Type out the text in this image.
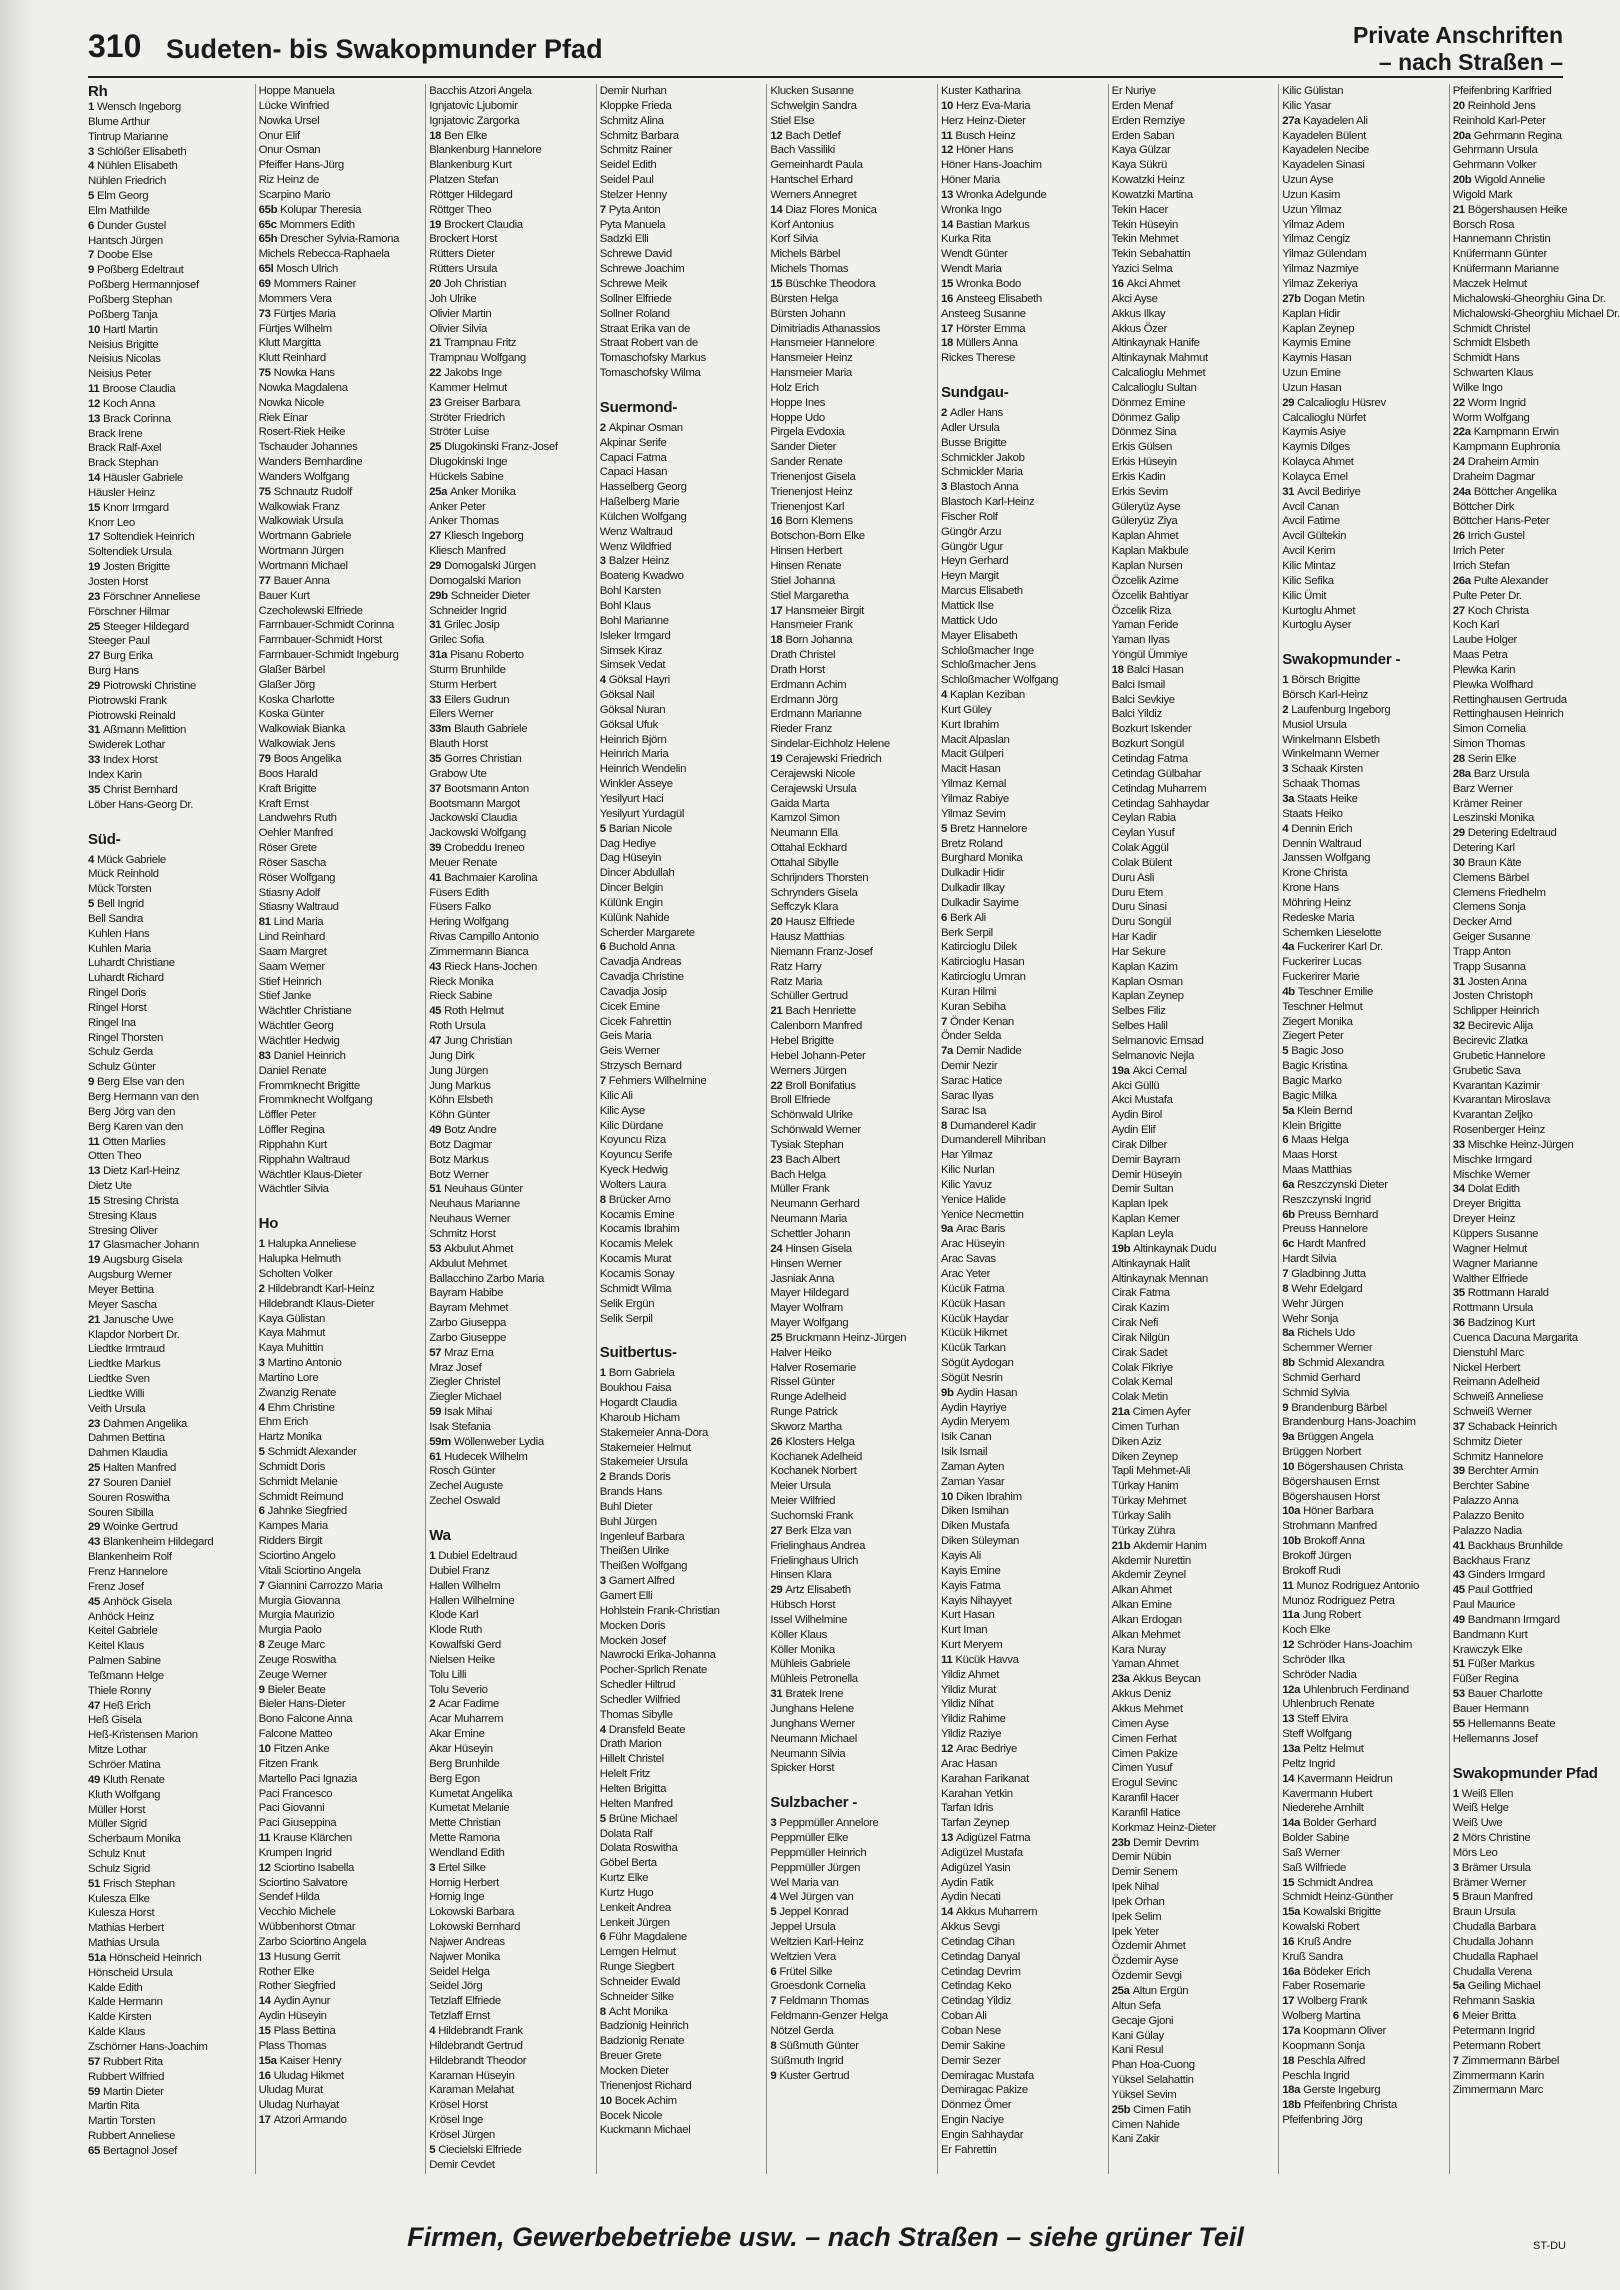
310 Sudeten- bis Swakopmunder Pfad	Private Anschriften
– nach Straßen –
Rh
1 Wensch Ingeborg
Blume Arthur
Tintrup Marianne
3 Schlößer Elisabeth
4 Nühlen Elisabeth
Nühlen Friedrich
5 Elm Georg
Elm Mathilde
6 Dunder Gustel
Hantsch Jürgen
7 Doobe Else
9 Poßberg Edeltraut
Poßberg Hermannjosef
Poßberg Stephan
Poßberg Tanja
10 Hartl Martin
Neisius Brigitte
Neisius Nicolas
Neisius Peter
11 Broose Claudia
12 Koch Anna
13 Brack Corinna
Brack Irene
Brack Ralf-Axel
Brack Stephan
14 Häusler Gabriele
Häusler Heinz
15 Knorr Irmgard
Knorr Leo
17 Soltendiek Heinrich
Soltendiek Ursula
19 Josten Brigitte
Josten Horst
23 Förschner Anneliese
Förschner Hilmar
25 Steeger Hildegard
Steeger Paul
27 Burg Erika
Burg Hans
29 Piotrowski Christine
Piotrowski Frank
Piotrowski Reinald
31 Aßmann Melittion
Swiderek Lothar
33 Index Horst
Index Karin
35 Christ Bernhard
Löber Hans-Georg Dr.
Süd-
4 Mück Gabriele
Mück Reinhold
Mück Torsten
5 Bell Ingrid
Bell Sandra
Kuhlen Hans
Kuhlen Maria
Luhardt Christiane
Luhardt Richard
Ringel Doris
Ringel Horst
Ringel Ina
Ringel Thorsten
Schulz Gerda
Schulz Günter
9 Berg Else van den
Berg Hermann van den
Berg Jörg van den
Berg Karen van den
11 Otten Marlies
Otten Theo
13 Dietz Karl-Heinz
Dietz Ute
15 Stresing Christa
Stresing Klaus
Stresing Oliver
17 Glasmacher Johann
19 Augsburg Gisela
Augsburg Werner
Meyer Bettina
Meyer Sascha
21 Janusche Uwe
Klapdor Norbert Dr.
Liedtke Irmtraud
Liedtke Markus
Liedtke Sven
Liedtke Willi
Veith Ursula
23 Dahmen Angelika
Dahmen Bettina
Dahmen Klaudia
25 Halten Manfred
27 Souren Daniel
Souren Roswitha
Souren Sibilla
29 Woinke Gertrud
43 Blankenheim Hildegard
Blankenheim Rolf
Frenz Hannelore
Frenz Josef
45 Anhöck Gisela
Anhöck Heinz
Keitel Gabriele
Keitel Klaus
Palmen Sabine
Teßmann Helge
Thiele Ronny
47 Heß Erich
Heß Gisela
Heß-Kristensen Marion
Mitze Lothar
Schröer Matina
49 Kluth Renate
Kluth Wolfgang
Müller Horst
Müller Sigrid
Scherbaum Monika
Schulz Knut
Schulz Sigrid
51 Frisch Stephan
Kulesza Elke
Kulesza Horst
Mathias Herbert
Mathias Ursula
51a Hönscheid Heinrich
Hönscheid Ursula
Kalde Edith
Kalde Hermann
Kalde Kirsten
Kalde Klaus
Zschörner Hans-Joachim
57 Rubbert Rita
Rubbert Wilfried
59 Martin Dieter
Martin Rita
Martin Torsten
Rubbert Anneliese
65 Bertagnol Josef
Hoppe Manuela
Lücke Winfried
Nowka Ursel
Onur Elif
Onur Osman
Pfeiffer Hans-Jürg
Riz Heinz de
Scarpino Mario
65b Kolupar Theresia
65c Mommers Edith
65h Drescher Sylvia-Ramona
Michels Rebecca-Raphaela
65l Mosch Ulrich
69 Mommers Rainer
Mommers Vera
73 Fürtjes Maria
Fürtjes Wilhelm
Klutt Margitta
Klutt Reinhard
75 Nowka Hans
Nowka Magdalena
Nowka Nicole
Riek Einar
Rosert-Riek Heike
Tschauder Johannes
Wanders Bernhardine
Wanders Wolfgang
75 Schnautz Rudolf
Walkowiak Franz
Walkowiak Ursula
Wortmann Gabriele
Wortmann Jürgen
Wortmann Michael
77 Bauer Anna
Bauer Kurt
Czecholewski Elfriede
Farrnbauer-Schmidt Corinna
Farrnbauer-Schmidt Horst
Farrnbauer-Schmidt Ingeburg
Glaßer Bärbel
Glaßer Jörg
Koska Charlotte
Koska Günter
Walkowiak Bianka
Walkowiak Jens
79 Boos Angelika
Boos Harald
Kraft Brigitte
Kraft Ernst
Landwehrs Ruth
Oehler Manfred
Röser Grete
Röser Sascha
Röser Wolfgang
Stiasny Adolf
Stiasny Waltraud
81 Lind Maria
Lind Reinhard
Saam Margret
Saam Werner
Stief Heinrich
Stief Janke
Wächtler Christiane
Wächtler Georg
Wächtler Hedwig
83 Daniel Heinrich
Daniel Renate
Frommknecht Brigitte
Frommknecht Wolfgang
Löffler Peter
Löffler Regina
Ripphahn Kurt
Ripphahn Waltraud
Wächtler Klaus-Dieter
Wächtler Silvia
Ho
1 Halupka Anneliese
Halupka Helmuth
Scholten Volker
2 Hildebrandt Karl-Heinz
Hildebrandt Klaus-Dieter
Kaya Gülistan
Kaya Mahmut
Kaya Muhittin
3 Martino Antonio
Martino Lore
Zwanzig Renate
4 Ehm Christine
Ehm Erich
Hartz Monika
5 Schmidt Alexander
Schmidt Doris
Schmidt Melanie
Schmidt Reimund
6 Jahnke Siegfried
Kampes Maria
Ridders Birgit
Sciortino Angelo
Vitali Sciortino Angela
7 Giannini Carrozzo Maria
Murgia Giovanna
Murgia Maurizio
Murgia Paolo
8 Zeuge Marc
Zeuge Roswitha
Zeuge Werner
9 Bieler Beate
Bieler Hans-Dieter
Bono Falcone Anna
Falcone Matteo
10 Fitzen Anke
Fitzen Frank
Martello Paci Ignazia
Paci Francesco
Paci Giovanni
Paci Giuseppina
11 Krause Klärchen
Krumpen Ingrid
12 Sciortino Isabella
Sciortino Salvatore
Sendef Hilda
Vecchio Michele
Wübbenhorst Otmar
Zarbo Sciortino Angela
13 Husung Gerrit
Rother Elke
Rother Siegfried
14 Aydin Aynur
Aydin Hüseyin
15 Plass Bettina
Plass Thomas
15a Kaiser Henry
16 Uludag Hikmet
Uludag Murat
Uludag Nurhayat
17 Atzori Armando
Bacchis Atzori Angela
Ignjatovic Ljubomir
Ignjatovic Zargorka
18 Ben Elke
Blankenburg Hannelore
Blankenburg Kurt
Platzen Stefan
Röttger Hildegard
Röttger Theo
19 Brockert Claudia
Brockert Horst
Rütters Dieter
Rütters Ursula
20 Joh Christian
Joh Ulrike
Olivier Martin
Olivier Silvia
21 Trampnau Fritz
Trampnau Wolfgang
22 Jakobs Inge
Kammer Helmut
23 Greiser Barbara
Ströter Friedrich
Ströter Luise
25 Dlugokinski Franz-Josef
Dlugokinski Inge
Hückels Sabine
25a Anker Monika
Anker Peter
Anker Thomas
27 Kliesch Ingeborg
Kliesch Manfred
29 Domogalski Jürgen
Domogalski Marion
29b Schneider Dieter
Schneider Ingrid
31 Grilec Josip
Grilec Sofia
31a Pisanu Roberto
Sturm Brunhilde
Sturm Herbert
33 Eilers Gudrun
Eilers Werner
33m Blauth Gabriele
Blauth Horst
35 Gorres Christian
Grabow Ute
37 Bootsmann Anton
Bootsmann Margot
Jackowski Claudia
Jackowski Wolfgang
39 Crobeddu Ireneo
Meuer Renate
41 Bachmaier Karolina
Füsers Edith
Füsers Falko
Hering Wolfgang
Rivas Campillo Antonio
Zimmermann Bianca
43 Rieck Hans-Jochen
Rieck Monika
Rieck Sabine
45 Roth Helmut
Roth Ursula
47 Jung Christian
Jung Dirk
Jung Jürgen
Jung Markus
Köhn Elsbeth
Köhn Günter
49 Botz Andre
Botz Dagmar
Botz Markus
Botz Werner
51 Neuhaus Günter
Neuhaus Marianne
Neuhaus Werner
Schmitz Horst
53 Akbulut Ahmet
Akbulut Mehmet
Ballacchino Zarbo Maria
Bayram Habibe
Bayram Mehmet
Zarbo Giuseppa
Zarbo Giuseppe
57 Mraz Erna
Mraz Josef
Ziegler Christel
Ziegler Michael
59 Isak Mihai
Isak Stefania
59m Wöllenweber Lydia
61 Hudecek Wilhelm
Rosch Günter
Zechel Auguste
Zechel Oswald
Wa
1 Dubiel Edeltraud
Dubiel Franz
Hallen Wilhelm
Hallen Wilhelmine
Klode Karl
Klode Ruth
Kowalfski Gerd
Nielsen Heike
Tolu Lilli
Tolu Severio
2 Acar Fadime
Acar Muharrem
Akar Emine
Akar Hüseyin
Berg Brunhilde
Berg Egon
Kumetat Angelika
Kumetat Melanie
Mette Christian
Mette Ramona
Wendland Edith
3 Ertel Silke
Hornig Herbert
Hornig Inge
Lokowski Barbara
Lokowski Bernhard
Najwer Andreas
Najwer Monika
Seidel Helga
Seidel Jörg
Tetzlaff Elfriede
Tetzlaff Ernst
4 Hildebrandt Frank
Hildebrandt Gertrud
Hildebrandt Theodor
Karaman Hüseyin
Karaman Melahat
Krösel Horst
Krösel Inge
Krösel Jürgen
5 Ciecielski Elfriede
Demir Cevdet
Demir Nurhan
Kloppke Frieda
Schmitz Alina
Schmitz Barbara
Schmitz Rainer
Seidel Edith
Seidel Paul
Stelzer Henny
7 Pyta Anton
Pyta Manuela
Sadzki Elli
Schrewe David
Schrewe Joachim
Schrewe Meik
Sollner Elfriede
Sollner Roland
Straat Erika van de
Straat Robert van de
Tomaschofsky Markus
Tomaschofsky Wilma
Suermond-
2 Akpinar Osman
Akpinar Serife
Capaci Fatma
Capaci Hasan
Hasselberg Georg
Haßelberg Marie
Külchen Wolfgang
Wenz Waltraud
Wenz Wildfried
3 Balzer Heinz
Boateng Kwadwo
Bohl Karsten
Bohl Klaus
Bohl Marianne
Isleker Irmgard
Simsek Kiraz
Simsek Vedat
4 Göksal Hayri
Göksal Nail
Göksal Nuran
Göksal Ufuk
Heinrich Björn
Heinrich Maria
Heinrich Wendelin
Winkler Asseye
Yesilyurt Haci
Yesilyurt Yurdagül
5 Barian Nicole
Dag Hediye
Dag Hüseyin
Dincer Abdullah
Dincer Belgin
Külünk Engin
Külünk Nahide
Scherder Margarete
6 Buchold Anna
Cavadja Andreas
Cavadja Christine
Cavadja Josip
Cicek Emine
Cicek Fahrettin
Geis Maria
Geis Werner
Strzysch Bernard
7 Fehmers Wilhelmine
Kilic Ali
Kilic Ayse
Kilic Dürdane
Koyuncu Riza
Koyuncu Serife
Kyeck Hedwig
Wolters Laura
8 Brücker Arno
Kocamis Emine
Kocamis Ibrahim
Kocamis Melek
Kocamis Murat
Kocamis Sonay
Schmidt Wilma
Selik Ergün
Selik Serpil
Suitbertus-
1 Born Gabriela
Boukhou Faisa
Hogardt Claudia
Kharoub Hicham
Stakemeier Anna-Dora
Stakemeier Helmut
Stakemeier Ursula
2 Brands Doris
Brands Hans
Buhl Dieter
Buhl Jürgen
Ingenleuf Barbara
Theißen Ulrike
Theißen Wolfgang
3 Gamert Alfred
Gamert Elli
Hohlstein Frank-Christian
Mocken Doris
Mocken Josef
Nawrocki Erika-Johanna
Pocher-Sprlich Renate
Schedler Hiltrud
Schedler Wilfried
Thomas Sibylle
4 Dransfeld Beate
Drath Marion
Hillelt Christel
Helelt Fritz
Helten Brigitta
Helten Manfred
5 Brüne Michael
Dolata Ralf
Dolata Roswitha
Göbel Berta
Kurtz Elke
Kurtz Hugo
Lenkeit Andrea
Lenkeit Jürgen
6 Führ Magdalene
Lemgen Helmut
Runge Siegbert
Schneider Ewald
Schneider Silke
8 Acht Monika
Badzionig Heinrich
Badzionig Renate
Breuer Grete
Mocken Dieter
Trienenjost Richard
10 Bocek Achim
Bocek Nicole
Kuckmann Michael
Klucken Susanne
Schwelgin Sandra
Stiel Else
12 Bach Detlef
Bach Vassiliki
Gemeinhardt Paula
Hantschel Erhard
Werners Annegret
14 Diaz Flores Monica
Korf Antonius
Korf Silvia
Michels Bärbel
Michels Thomas
15 Büschke Theodora
Bürsten Helga
Bürsten Johann
Dimitriadis Athanassios
Hansmeier Hannelore
Hansmeier Heinz
Hansmeier Maria
Holz Erich
Hoppe Ines
Hoppe Udo
Pirgela Evdoxia
Sander Dieter
Sander Renate
Trienenjost Gisela
Trienenjost Heinz
Trienenjost Karl
16 Born Klemens
Botschon-Born Elke
Hinsen Herbert
Hinsen Renate
Stiel Johanna
Stiel Margaretha
17 Hansmeier Birgit
Hansmeier Frank
18 Born Johanna
Drath Christel
Drath Horst
Erdmann Achim
Erdmann Jörg
Erdmann Marianne
Rieder Franz
Sindelar-Eichholz Helene
19 Cerajewski Friedrich
Cerajewski Nicole
Cerajewski Ursula
Gaida Marta
Kamzol Simon
Neumann Ella
Ottahal Eckhard
Ottahal Sibylle
Schrijnders Thorsten
Schrynders Gisela
Seffczyk Klara
20 Hausz Elfriede
Hausz Matthias
Niemann Franz-Josef
Ratz Harry
Ratz Maria
Schüller Gertrud
21 Bach Henriette
Calenborn Manfred
Hebel Brigitte
Hebel Johann-Peter
Werners Jürgen
22 Broll Bonifatius
Broll Elfriede
Schönwald Ulrike
Schönwald Werner
Tysiak Stephan
23 Bach Albert
Bach Helga
Müller Frank
Neumann Gerhard
Neumann Maria
Schettler Johann
24 Hinsen Gisela
Hinsen Werner
Jasniak Anna
Mayer Hildegard
Mayer Wolfram
Mayer Wolfgang
25 Bruckmann Heinz-Jürgen
Halver Heiko
Halver Rosemarie
Rissel Günter
Runge Adelheid
Runge Patrick
Skworz Martha
26 Klosters Helga
Kochanek Adelheid
Kochanek Norbert
Meier Ursula
Meier Wilfried
Suchomski Frank
27 Berk Elza van
Frielinghaus Andrea
Frielinghaus Ulrich
Hinsen Klara
29 Artz Elisabeth
Hübsch Horst
Issel Wilhelmine
Köller Klaus
Köller Monika
Mühleis Gabriele
Mühleis Petronella
31 Bratek Irene
Junghans Helene
Junghans Werner
Neumann Michael
Neumann Silvia
Spicker Horst
Sulzbacher -
3 Peppmüller Annelore
Peppmüller Elke
Peppmüller Heinrich
Peppmüller Jürgen
Wel Maria van
4 Wel Jürgen van
5 Jeppel Konrad
Jeppel Ursula
Weltzien Karl-Heinz
Weltzien Vera
6 Frütel Silke
Groesdonk Cornelia
7 Feldmann Thomas
Feldmann-Genzer Helga
Nötzel Gerda
8 Süßmuth Günter
Süßmuth Ingrid
9 Kuster Gertrud
Kuster Katharina
10 Herz Eva-Maria
Herz Heinz-Dieter
11 Busch Heinz
12 Höner Hans
Höner Hans-Joachim
Höner Maria
13 Wronka Adelgunde
Wronka Ingo
14 Bastian Markus
Kurka Rita
Wendt Günter
Wendt Maria
15 Wronka Bodo
16 Ansteeg Elisabeth
Ansteeg Susanne
17 Hörster Emma
18 Müllers Anna
Rickes Therese
Sundgau-
2 Adler Hans
Adler Ursula
Busse Brigitte
Schmickler Jakob
Schmickler Maria
3 Blastoch Anna
Blastoch Karl-Heinz
Fischer Rolf
Güngör Arzu
Güngör Ugur
Heyn Gerhard
Heyn Margit
Marcus Elisabeth
Mattick Ilse
Mattick Udo
Mayer Elisabeth
Schloßmacher Inge
Schloßmacher Jens
Schloßmacher Wolfgang
4 Kaplan Keziban
Kurt Güley
Kurt Ibrahim
Macit Alpaslan
Macit Gülperi
Macit Hasan
Yilmaz Kemal
Yilmaz Rabiye
Yilmaz Sevim
5 Bretz Hannelore
Bretz Roland
Burghard Monika
Dulkadir Hidir
Dulkadir Ilkay
Dulkadir Sayime
6 Berk Ali
Berk Serpil
Katircioglu Dilek
Katircioglu Hasan
Katircioglu Umran
Kuran Hilmi
Kuran Sebiha
7 Önder Kenan
Önder Selda
7a Demir Nadide
Demir Nezir
Sarac Hatice
Sarac Ilyas
Sarac Isa
8 Dumanderel Kadir
Dumanderell Mihriban
Har Yilmaz
Kilic Nurlan
Kilic Yavuz
Yenice Halide
Yenice Necmettin
9a Arac Baris
Arac Hüseyin
Arac Savas
Arac Yeter
Kücük Fatma
Kücük Hasan
Kücük Haydar
Kücük Hikmet
Kücük Tarkan
Sögüt Aydogan
Sögüt Nesrin
9b Aydin Hasan
Aydin Hayriye
Aydin Meryem
Isik Canan
Isik Ismail
Zaman Ayten
Zaman Yasar
10 Diken Ibrahim
Diken Ismihan
Diken Mustafa
Diken Süleyman
Kayis Ali
Kayis Emine
Kayis Fatma
Kayis Nihayyet
Kurt Hasan
Kurt Iman
Kurt Meryem
11 Kücük Havva
Yildiz Ahmet
Yildiz Murat
Yildiz Nihat
Yildiz Rahime
Yildiz Raziye
12 Arac Bedriye
Arac Hasan
Karahan Farikanat
Karahan Yetkin
Tarfan Idris
Tarfan Zeynep
13 Adigüzel Fatma
Adigüzel Mustafa
Adigüzel Yasin
Aydin Fatik
Aydin Necati
14 Akkus Muharrem
Akkus Sevgi
Cetindag Cihan
Cetindag Danyal
Cetindag Devrim
Cetindag Keko
Cetindag Yildiz
Coban Ali
Coban Nese
Demir Sakine
Demir Sezer
Demiragac Mustafa
Demiragac Pakize
Dönmez Ömer
Engin Naciye
Engin Sahhaydar
Er Fahrettin
Er Nuriye
Erden Menaf
Erden Remziye
Erden Saban
Kaya Gülzar
Kaya Sükrü
Kowatzki Heinz
Kowatzki Martina
Tekin Hacer
Tekin Hüseyin
Tekin Mehmet
Tekin Sebahattin
Yazici Selma
16 Akci Ahmet
Akci Ayse
Akkus Ilkay
Akkus Özer
Altinkaynak Hanife
Altinkaynak Mahmut
Calcalioglu Mehmet
Calcalioglu Sultan
Dönmez Emine
Dönmez Galip
Dönmez Sina
Erkis Gülsen
Erkis Hüseyin
Erkis Kadin
Erkis Sevim
Güleryüz Ayse
Güleryüz Ziya
Kaplan Ahmet
Kaplan Makbule
Kaplan Nursen
Özcelik Azime
Özcelik Bahtiyar
Özcelik Riza
Yaman Feride
Yaman Ilyas
Yöngül Ümmiye
18 Balci Hasan
Balci Ismail
Balci Sevkiye
Balci Yildiz
Bozkurt Iskender
Bozkurt Songül
Cetindag Fatma
Cetindag Gülbahar
Cetindag Muharrem
Cetindag Sahhaydar
Ceylan Rabia
Ceylan Yusuf
Colak Aggül
Colak Bülent
Duru Asli
Duru Etem
Duru Sinasi
Duru Songül
Har Kadir
Har Sekure
Kaplan Kazim
Kaplan Osman
Kaplan Zeynep
Selbes Filiz
Selbes Halil
Selmanovic Emsad
Selmanovic Nejla
19a Akci Cemal
Akci Güllü
Akci Mustafa
Aydin Birol
Aydin Elif
Cirak Dilber
Demir Bayram
Demir Hüseyin
Demir Sultan
Kaplan Ipek
Kaplan Kemer
Kaplan Leyla
19b Altinkaynak Dudu
Altinkaynak Halit
Altinkaynak Mennan
Cirak Fatma
Cirak Kazim
Cirak Nefi
Cirak Nilgün
Cirak Sadet
Colak Fikriye
Colak Kemal
Colak Metin
21a Cimen Ayfer
Cimen Turhan
Diken Aziz
Diken Zeynep
Tapli Mehmet-Ali
Türkay Hanim
Türkay Mehmet
Türkay Salih
Türkay Zühra
21b Akdemir Hanim
Akdemir Nurettin
Akdemir Zeynel
Alkan Ahmet
Alkan Emine
Alkan Erdogan
Alkan Mehmet
Kara Nuray
Yaman Ahmet
23a Akkus Beycan
Akkus Deniz
Akkus Mehmet
Cimen Ayse
Cimen Ferhat
Cimen Pakize
Cimen Yusuf
Erogul Sevinc
Karanfil Hacer
Karanfil Hatice
Korkmaz Heinz-Dieter
23b Demir Devrim
Demir Nübin
Demir Senem
Ipek Nihal
Ipek Orhan
Ipek Selim
Ipek Yeter
Özdemir Ahmet
Özdemir Ayse
Özdemir Sevgi
25a Altun Ergün
Altun Sefa
Gecaje Gjoni
Kani Gülay
Kani Resul
Phan Hoa-Cuong
Yüksel Selahattin
Yüksel Sevim
25b Cimen Fatih
Cimen Nahide
Kani Zakir
Kilic Gülistan
Kilic Yasar
27a Kayadelen Ali
Kayadelen Bülent
Kayadelen Necibe
Kayadelen Sinasi
Uzun Ayse
Uzun Kasim
Uzun Yilmaz
Yilmaz Adem
Yilmaz Cengiz
Yilmaz Gülendam
Yilmaz Nazmiye
Yilmaz Zekeriya
27b Dogan Metin
Kaplan Hidir
Kaplan Zeynep
Kaymis Emine
Kaymis Hasan
Uzun Emine
Uzun Hasan
29 Calcalioglu Hüsrev
Calcalioglu Nürfet
Kaymis Asiye
Kaymis Dilges
Kolayca Ahmet
Kolayca Emel
31 Avcil Bediriye
Avcil Canan
Avcil Fatime
Avcil Gültekin
Avcil Kerim
Kilic Mintaz
Kilic Sefika
Kilic Ümit
Kurtoglu Ahmet
Kurtoglu Ayser
Swakopmunder -
1 Börsch Brigitte
Börsch Karl-Heinz
2 Laufenburg Ingeborg
Musiol Ursula
Winkelmann Elsbeth
Winkelmann Werner
3 Schaak Kirsten
Schaak Thomas
3a Staats Heike
Staats Heiko
4 Dennin Erich
Dennin Waltraud
Janssen Wolfgang
Krone Christa
Krone Hans
Möhring Heinz
Redeske Maria
Schemken Lieselotte
4a Fuckerirer Karl Dr.
Fuckerirer Lucas
Fuckerirer Marie
4b Teschner Emilie
Teschner Helmut
Ziegert Monika
Ziegert Peter
5 Bagic Joso
Bagic Kristina
Bagic Marko
Bagic Milka
5a Klein Bernd
Klein Brigitte
6 Maas Helga
Maas Horst
Maas Matthias
6a Reszczynski Dieter
Reszczynski Ingrid
6b Preuss Bernhard
Preuss Hannelore
6c Hardt Manfred
Hardt Silvia
7 Gladbinng Jutta
8 Wehr Edelgard
Wehr Jürgen
Wehr Sonja
8a Richels Udo
Schemmer Werner
8b Schmid Alexandra
Schmid Gerhard
Schmid Sylvia
9 Brandenburg Bärbel
Brandenburg Hans-Joachim
9a Brüggen Angela
Brüggen Norbert
10 Bögershausen Christa
Bögershausen Ernst
Bögershausen Horst
10a Höner Barbara
Strohmann Manfred
10b Brokoff Anna
Brokoff Jürgen
Brokoff Rudi
11 Munoz Rodriguez Antonio
Munoz Rodriguez Petra
11a Jung Robert
Koch Elke
12 Schröder Hans-Joachim
Schröder Ilka
Schröder Nadia
12a Uhlenbruch Ferdinand
Uhlenbruch Renate
13 Steff Elvira
Steff Wolfgang
13a Peltz Helmut
Peltz Ingrid
14 Kavermann Heidrun
Kavermann Hubert
Niederehe Arnhilt
14a Bolder Gerhard
Bolder Sabine
Saß Werner
Saß Wilfriede
15 Schmidt Andrea
Schmidt Heinz-Günther
15a Kowalski Brigitte
Kowalski Robert
16 Kruß Andre
Kruß Sandra
16a Bödeker Erich
Faber Rosemarie
17 Wolberg Frank
Wolberg Martina
17a Koopmann Oliver
Koopmann Sonja
18 Peschla Alfred
Peschla Ingrid
18a Gerste Ingeburg
18b Pfeifenbring Christa
Pfeifenbring Jörg
Pfeifenbring Karlfried
20 Reinhold Jens
Reinhold Karl-Peter
20a Gehrmann Regina
Gehrmann Ursula
Gehrmann Volker
20b Wigold Annelie
Wigold Mark
21 Bögershausen Heike
Borsch Rosa
Hannemann Christin
Knüfermann Günter
Knüfermann Marianne
Maczek Helmut
Michalowski-Gheorghiu Gina Dr.
Michalowski-Gheorghiu Michael Dr.
Schmidt Christel
Schmidt Elsbeth
Schmidt Hans
Schwarten Klaus
Wilke Ingo
22 Worm Ingrid
Worm Wolfgang
22a Kampmann Erwin
Kampmann Euphronia
24 Draheim Armin
Draheim Dagmar
24a Böttcher Angelika
Böttcher Dirk
Böttcher Hans-Peter
26 Irrich Gustel
Irrich Peter
Irrich Stefan
26a Pulte Alexander
Pulte Peter Dr.
27 Koch Christa
Koch Karl
Laube Holger
Maas Petra
Plewka Karin
Plewka Wolfhard
Rettinghausen Gertruda
Rettinghausen Heinrich
Simon Cornelia
Simon Thomas
28 Serin Elke
28a Barz Ursula
Barz Werner
Krämer Reiner
Leszinski Monika
29 Detering Edeltraud
Detering Karl
30 Braun Käte
Clemens Bärbel
Clemens Friedhelm
Clemens Sonja
Decker Arnd
Geiger Susanne
Trapp Anton
Trapp Susanna
31 Josten Anna
Josten Christoph
Schlipper Heinrich
32 Becirevic Alija
Becirevic Zlatka
Grubetic Hannelore
Grubetic Sava
Kvarantan Kazimir
Kvarantan Miroslava
Kvarantan Zeljko
Rosenberger Heinz
33 Mischke Heinz-Jürgen
Mischke Irmgard
Mischke Werner
34 Dolat Edith
Dreyer Brigitta
Dreyer Heinz
Küppers Susanne
Wagner Helmut
Wagner Marianne
Walther Elfriede
35 Rottmann Harald
Rottmann Ursula
36 Badzinog Kurt
Cuenca Dacuna Margarita
Dienstuhl Marc
Nickel Herbert
Reimann Adelheid
Schweiß Anneliese
Schweiß Werner
37 Schaback Heinrich
Schmitz Dieter
Schmitz Hannelore
39 Berchter Armin
Berchter Sabine
Palazzo Anna
Palazzo Benito
Palazzo Nadia
41 Backhaus Brunhilde
Backhaus Franz
43 Ginders Irmgard
45 Paul Gottfried
Paul Maurice
49 Bandmann Irmgard
Bandmann Kurt
Krawczyk Elke
51 Füßer Markus
Füßer Regina
53 Bauer Charlotte
Bauer Hermann
55 Hellemanns Beate
Hellemanns Josef
Swakopmunder Pfad
1 Weiß Ellen
Weiß Helge
Weiß Uwe
2 Mörs Christine
Mörs Leo
3 Brämer Ursula
Brämer Werner
5 Braun Manfred
Braun Ursula
Chudalla Barbara
Chudalla Johann
Chudalla Raphael
Chudalla Verena
5a Geiling Michael
Rehmann Saskia
6 Meier Britta
Petermann Ingrid
Petermann Robert
7 Zimmermann Bärbel
Zimmermann Karin
Zimmermann Marc
Firmen, Gewerbebetriebe usw. – nach Straßen – siehe grüner Teil	ST-DU
